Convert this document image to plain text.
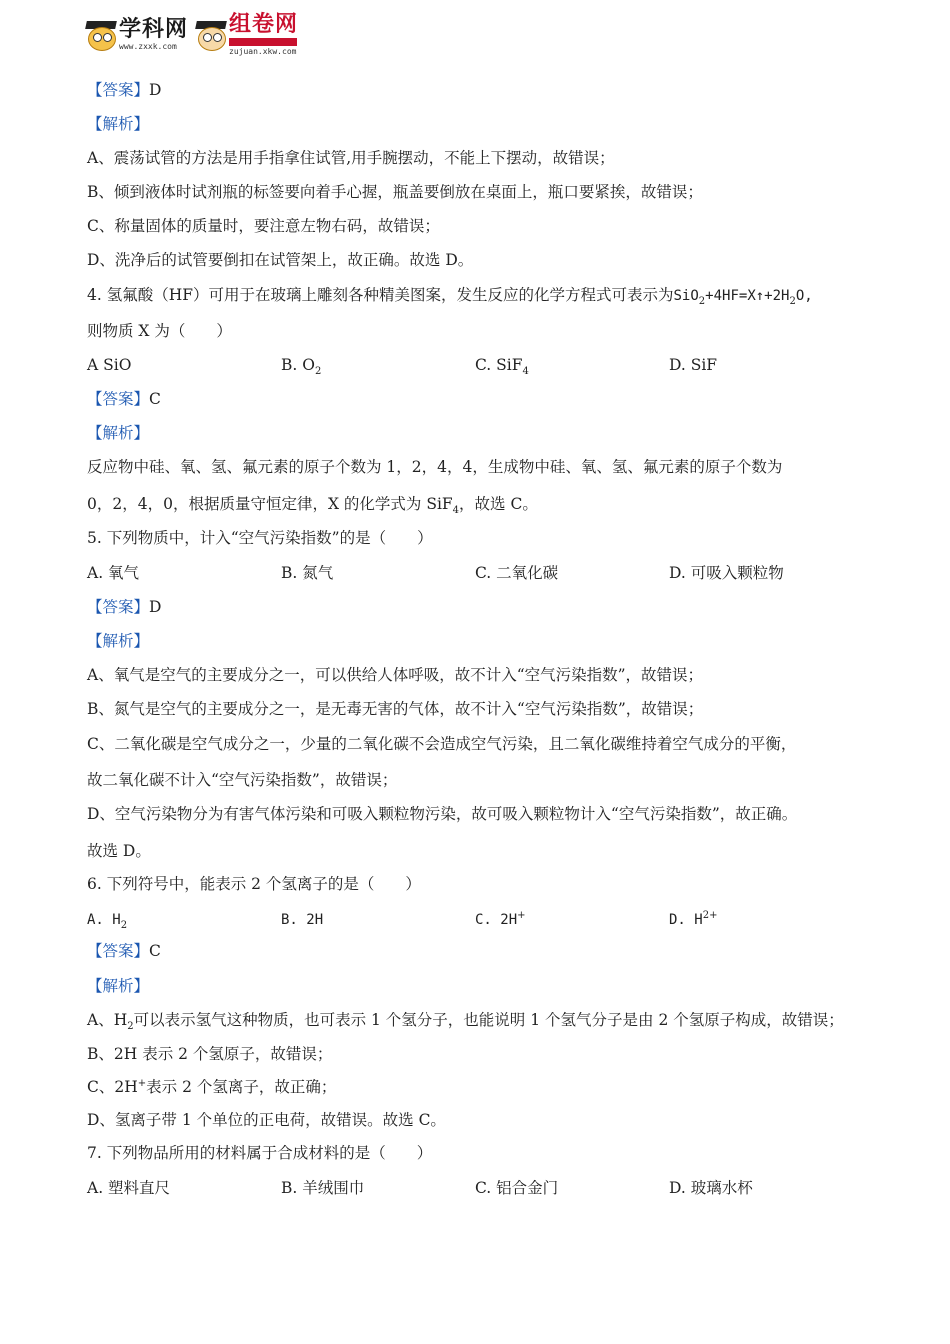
学科网
www.zxxk.com
组卷网
zujuan.xkw.com
【答案】D
【解析】
A、震荡试管的方法是用手指拿住试管,用手腕摆动，不能上下摆动，故错误；
B、倾到液体时试剂瓶的标签要向着手心握，瓶盖要倒放在桌面上，瓶口要紧挨，故错误；
C、称量固体的质量时，要注意左物右码，故错误；
D、洗净后的试管要倒扣在试管架上，故正确。故选 D。
4. 氢氟酸（HF）可用于在玻璃上雕刻各种精美图案，发生反应的化学方程式可表示为$SiO_2+4HF=X↑+2H_2O$,
则物质 X 为（　　）
A SiO	B. $O_2$	C. SiF$_4$	D. SiF
【答案】C
【解析】
反应物中硅、氧、氢、氟元素的原子个数为 1，2，4，4，生成物中硅、氧、氢、氟元素的原子个数为
0，2，4，0，根据质量守恒定律，X 的化学式为 SiF$_4$，故选 C。
5. 下列物质中，计入“空气污染指数”的是（　　）
A. 氧气	B. 氮气	C. 二氧化碳	D. 可吸入颗粒物
【答案】D
【解析】
A、氧气是空气的主要成分之一，可以供给人体呼吸，故不计入“空气污染指数”，故错误；
B、氮气是空气的主要成分之一，是无毒无害的气体，故不计入“空气污染指数”，故错误；
C、二氧化碳是空气成分之一，少量的二氧化碳不会造成空气污染，且二氧化碳维持着空气成分的平衡，
故二氧化碳不计入“空气污染指数”，故错误；
D、空气污染物分为有害气体污染和可吸入颗粒物污染，故可吸入颗粒物计入“空气污染指数”，故正确。
故选 D。
6. 下列符号中，能表示 2 个氢离子的是（　　）
A. $H_2$	B. 2H	C. 2H+	D. $H^{2+}$
【答案】C
【解析】
A、$H_2$可以表示氢气这种物质，也可表示 1 个氢分子，也能说明 1 个氢气分子是由 2 个氢原子构成，故错误；
B、2H 表示 2 个氢原子，故错误；
C、2H+表示 2 个氢离子，故正确；
D、氢离子带 1 个单位的正电荷，故错误。故选 C。
7. 下列物品所用的材料属于合成材料的是（　　）
A. 塑料直尺	B. 羊绒围巾	C. 铝合金门	D. 玻璃水杯
